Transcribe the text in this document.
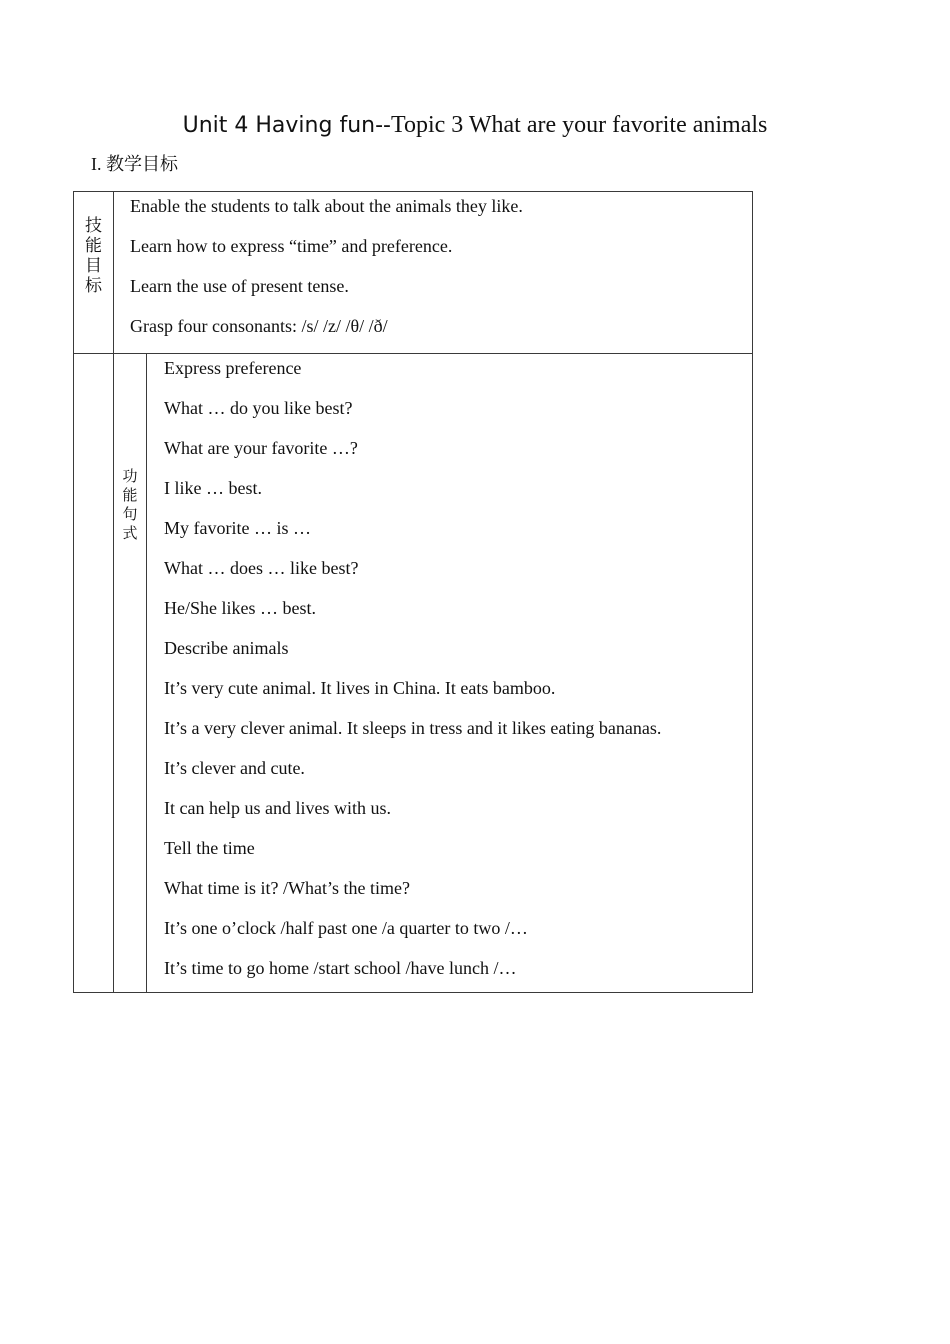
Unit 4 Having fun--Topic 3 What are your favorite animals
I. 教学目标
技
能
目
标
Enable the students to talk about the animals they like.
Learn how to express “time” and preference.
Learn the use of present tense.
Grasp four consonants: /s/ /z/ /θ/ /ð/
功
能
句
式
Express preference
What … do you like best?
What are your favorite …?
I like … best.
My favorite … is …
What … does … like best?
He/She likes … best.
Describe animals
It’s very cute animal. It lives in China. It eats bamboo.
It’s a very clever animal. It sleeps in tress and it likes eating bananas.
It’s clever and cute.
It can help us and lives with us.
Tell the time
What time is it? /What’s the time?
It’s one o’clock /half past one /a quarter to two /…
It’s time to go home /start school /have lunch /…
